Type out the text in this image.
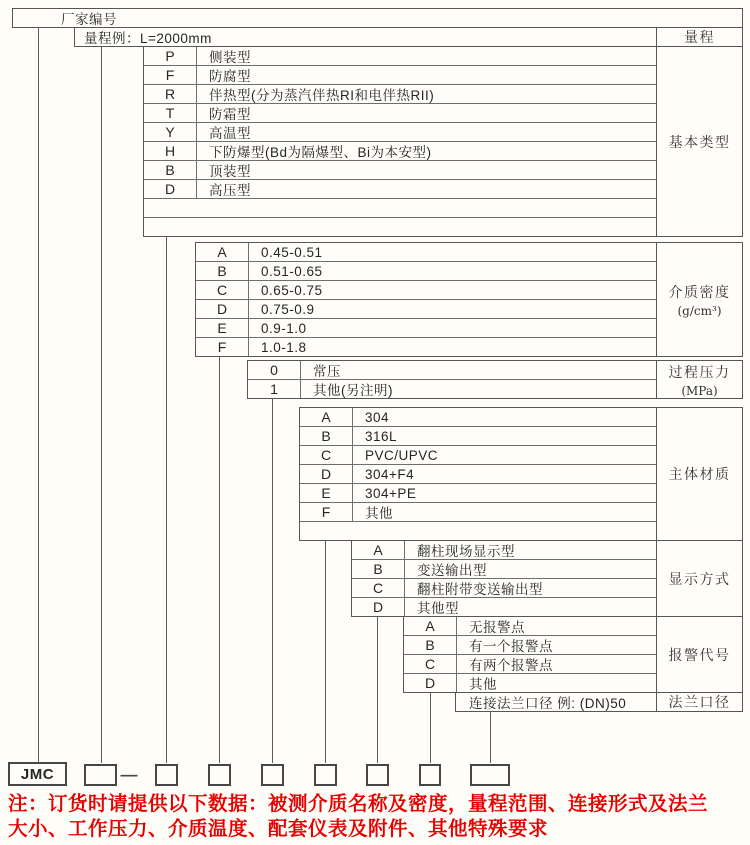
厂家编号
量程例：L=2000mm	量程
P	侧装型
F	防腐型
R	伴热型(分为蒸汽伴热RI和电伴热RII)
T	防霜型
Y	高温型
H	下防爆型(Bd为隔爆型、Bi为本安型)
B	顶装型
D	高压型
基本类型
A	0.45-0.51
B	0.51-0.65
C	0.65-0.75
D	0.75-0.9
E	0.9-1.0
F	1.0-1.8
介质密度
(g/cm³)
0	常压
1	其他(另注明)
过程压力
(MPa)
A	304
B	316L
C	PVC/UPVC
D	304+F4
E	304+PE
F	其他
主体材质
A	翻柱现场显示型
B	变送输出型
C	翻柱附带变送输出型
D	其他型
显示方式
A	无报警点
B	有一个报警点
C	有两个报警点
D	其他
报警代号
连接法兰口径 例: (DN)50	法兰口径
JMC	—
注：订货时请提供以下数据：被测介质名称及密度，量程范围、连接形式及法兰
大小、工作压力、介质温度、配套仪表及附件、其他特殊要求
